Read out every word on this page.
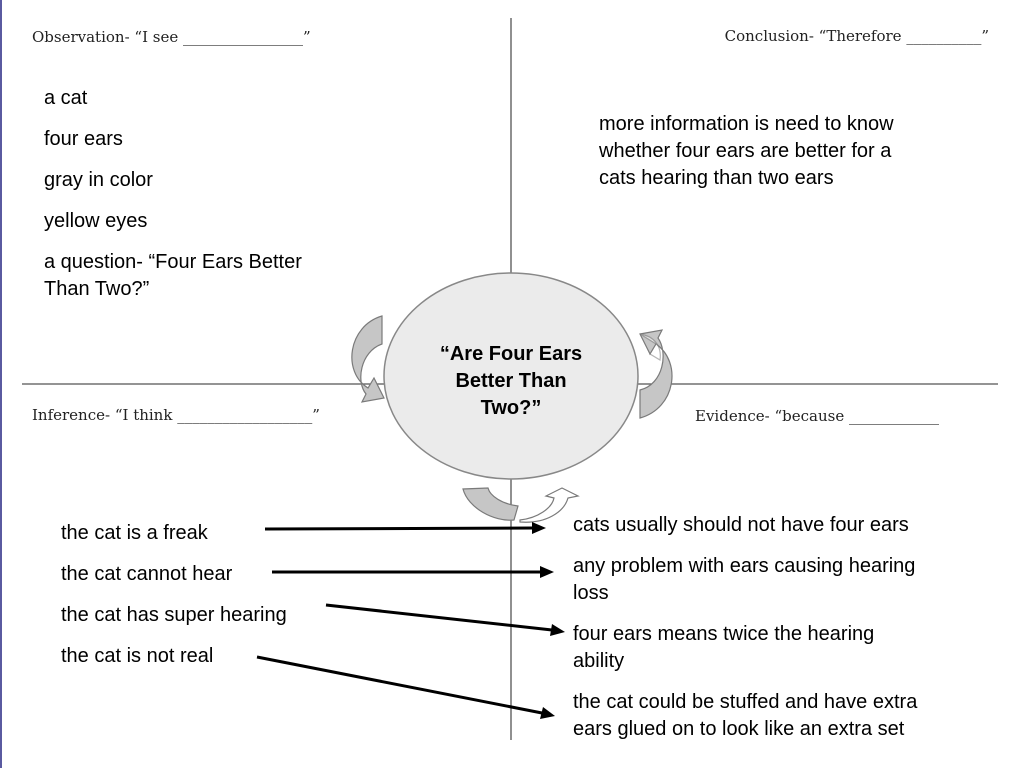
Observation- “I see ________________”	Conclusion- “Therefore __________”
Inference- “I think __________________”	Evidence- “because ____________
a cat
four ears
gray in color
yellow eyes
a question- “Four Ears Better
Than Two?”
more information is need to know
whether four ears are better for a
cats hearing than two ears
“Are Four Ears
Better Than
Two?”
the cat is a freak
the cat cannot hear
the cat has super hearing
the cat is not real
cats usually should not have four ears
any problem with ears causing hearing
loss
four ears means twice the hearing
ability
the cat could be stuffed and have extra
ears glued on to look like an extra set
